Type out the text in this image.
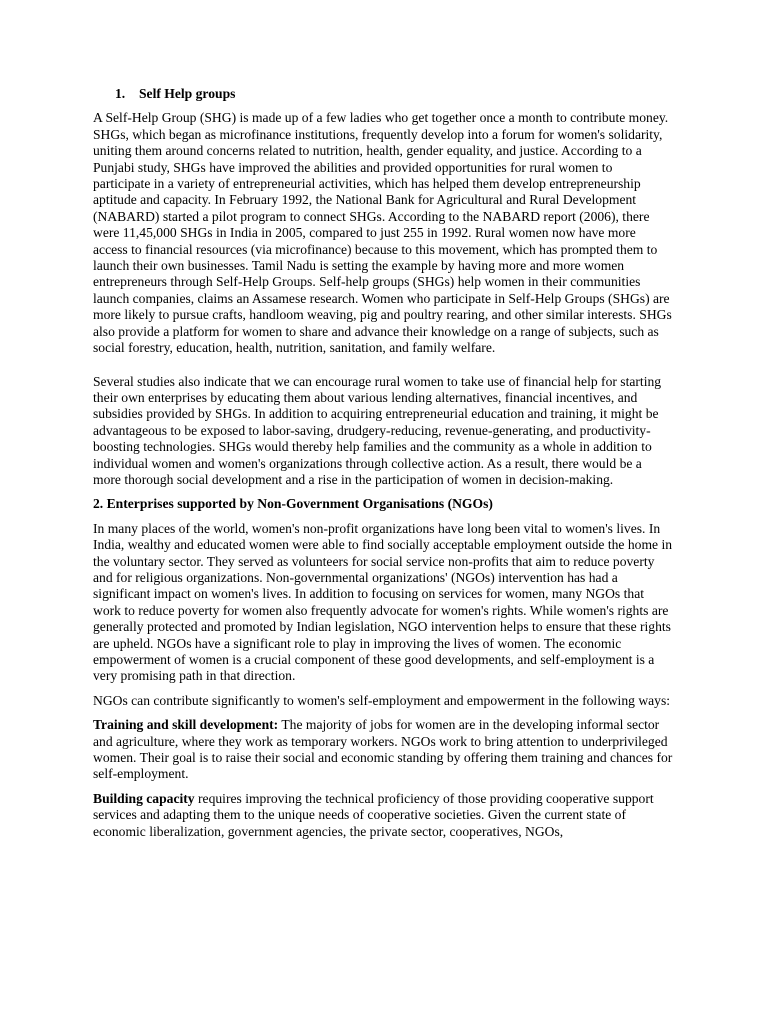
1. Self Help groups

A Self-Help Group (SHG) is made up of a few ladies who get together once a month to contribute money. SHGs, which began as microfinance institutions, frequently develop into a forum for women's solidarity, uniting them around concerns related to nutrition, health, gender equality, and justice. According to a Punjabi study, SHGs have improved the abilities and provided opportunities for rural women to participate in a variety of entrepreneurial activities, which has helped them develop entrepreneurship aptitude and capacity. In February 1992, the National Bank for Agricultural and Rural Development (NABARD) started a pilot program to connect SHGs. According to the NABARD report (2006), there were 11,45,000 SHGs in India in 2005, compared to just 255 in 1992. Rural women now have more access to financial resources (via microfinance) because to this movement, which has prompted them to launch their own businesses. Tamil Nadu is setting the example by having more and more women entrepreneurs through Self-Help Groups. Self-help groups (SHGs) help women in their communities launch companies, claims an Assamese research. Women who participate in Self-Help Groups (SHGs) are more likely to pursue crafts, handloom weaving, pig and poultry rearing, and other similar interests. SHGs also provide a platform for women to share and advance their knowledge on a range of subjects, such as social forestry, education, health, nutrition, sanitation, and family welfare.

Several studies also indicate that we can encourage rural women to take use of financial help for starting their own enterprises by educating them about various lending alternatives, financial incentives, and subsidies provided by SHGs. In addition to acquiring entrepreneurial education and training, it might be advantageous to be exposed to labor-saving, drudgery-reducing, revenue-generating, and productivity-boosting technologies. SHGs would thereby help families and the community as a whole in addition to individual women and women's organizations through collective action. As a result, there would be a more thorough social development and a rise in the participation of women in decision-making.

2. Enterprises supported by Non-Government Organisations (NGOs)

In many places of the world, women's non-profit organizations have long been vital to women's lives. In India, wealthy and educated women were able to find socially acceptable employment outside the home in the voluntary sector. They served as volunteers for social service non-profits that aim to reduce poverty and for religious organizations. Non-governmental organizations' (NGOs) intervention has had a significant impact on women's lives. In addition to focusing on services for women, many NGOs that work to reduce poverty for women also frequently advocate for women's rights. While women's rights are generally protected and promoted by Indian legislation, NGO intervention helps to ensure that these rights are upheld. NGOs have a significant role to play in improving the lives of women. The economic empowerment of women is a crucial component of these good developments, and self-employment is a very promising path in that direction.

NGOs can contribute significantly to women's self-employment and empowerment in the following ways:

Training and skill development: The majority of jobs for women are in the developing informal sector and agriculture, where they work as temporary workers. NGOs work to bring attention to underprivileged women. Their goal is to raise their social and economic standing by offering them training and chances for self-employment.

Building capacity requires improving the technical proficiency of those providing cooperative support services and adapting them to the unique needs of cooperative societies. Given the current state of economic liberalization, government agencies, the private sector, cooperatives, NGOs,
